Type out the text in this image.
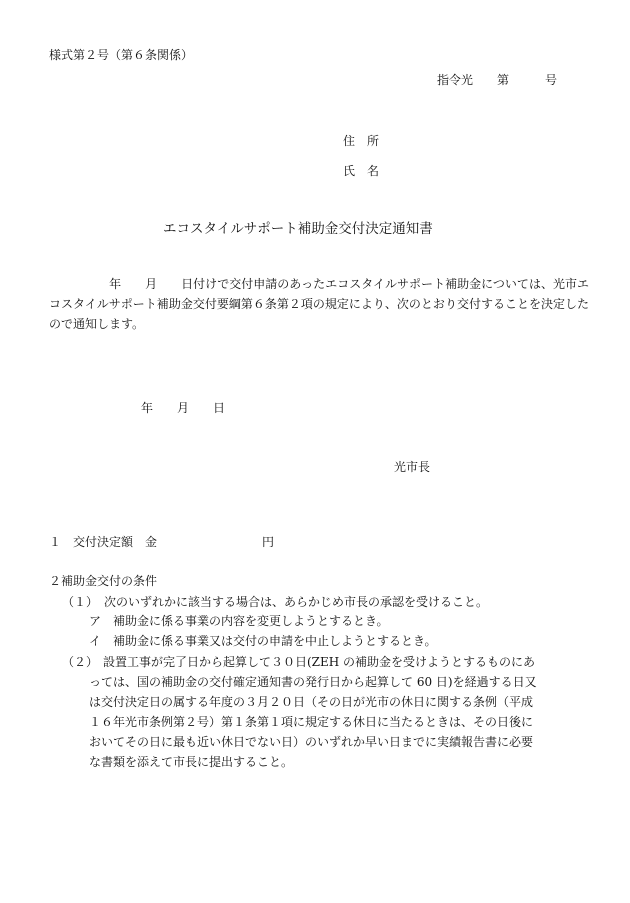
様式第２号（第６条関係）
指令光　　第　　　号
住　所
氏　名
エコスタイルサポート補助金交付決定通知書
　　　　　年　　月　　日付けで交付申請のあったエコスタイルサポート補助金については、光市エコスタイルサポート補助金交付要綱第６条第２項の規定により、次のとおり交付することを決定したので通知します。
年　　月　　日
光市長
１　交付決定額　金	円
２補助金交付の条件
（１）　次のいずれかに該当する場合は、あらかじめ市長の承認を受けること。
ア　補助金に係る事業の内容を変更しようとするとき。
イ　補助金に係る事業又は交付の申請を中止しようとするとき。
（２） 設置工事が完了日から起算して３０日(ZEH の補助金を受けようとするものにあ
っては、国の補助金の交付確定通知書の発行日から起算して 60 日)を経過する日又
は交付決定日の属する年度の３月２０日（その日が光市の休日に関する条例（平成
１６年光市条例第２号）第１条第１項に規定する休日に当たるときは、その日後に
おいてその日に最も近い休日でない日）のいずれか早い日までに実績報告書に必要
な書類を添えて市長に提出すること。
